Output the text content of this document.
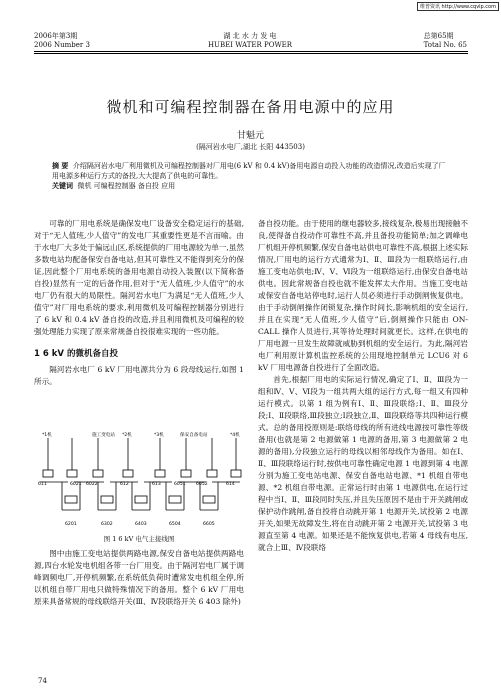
维普资讯 http://www.cqvip.com
2006年第3期
2006 Number 3
湖 北 水 力 发 电
HUBEI WATER POWER
总第65期
Total No. 65
微机和可编程控制器在备用电源中的应用
甘魁元
(隔河岩水电厂,湖北 长阳 443503)
摘 要 介绍隔河岩水电厂利用微机及可编程控制器对厂用电(6 kV 和 0.4 kV)备用电源自动投入功能的改造情况,改造后实现了厂用电源多种运行方式的备投,大大提高了供电的可靠性。
关键词 微机 可编程控制器 备自投 应用

可靠的厂用电系统是确保发电厂设备安全稳定运行的基础,对于“无人值班,少人值守”的发电厂其重要性更是不言而喻。由于水电厂大多处于偏远山区,系统提供的厂用电源较为单一,虽然多数电站均配备保安自备电站,但其可靠性又不能得到充分的保证,因此整个厂用电系统的备用电源自动投入装置(以下简称备自投)显然有一定的后备作用,但对于“无人值班,少人值守”的水电厂仍有很大的局限性。隔河岩水电厂为满足“无人值班,少人值守”对厂用电系统的要求,利用微机及可编程控制器分别进行了 6 kV 和 0.4 kV 备自投的改造,并且利用微机及可编程的较强处理能力实现了原来常规备自投很难实现的一些功能。

1 6 kV 的微机备自投

隔河岩水电厂 6 kV 厂用电源共分为 6 段母线运行,如图 1 所示。

*1机	施工变电站 *2机	*3机	保安自备电站	*4机
611	6021 6022	612	613	6051 6052	614
6201	6302	6403	6504	6605
图 1 6 kV 电气主接线图

图中由施工变电站提供两路电源,保安自备电站提供两路电源,四台水轮发电机组各带一台厂用变。由于隔河岩电厂属于调峰调频电厂,开停机频繁,在系统低负荷时遭常发电机组全停,所以机组自带厂用电只做特殊情况下的备用。整个 6 kV 厂用电原来具备常规的母线联络开关(Ⅲ、Ⅳ段联络开关 6 403 除外)

备自投功能。由于使用的继电器较多,接线复杂,极易出现接触不良,使得备自投动作可靠性不高,并且备投功能简单;加之调峰电厂机组开停机频繁,保安自备电站供电可靠性不高,根据上述实际情况,厂用电的运行方式通常为Ⅰ、Ⅱ、Ⅲ段为一组联络运行,由施工变电站供电;Ⅳ、Ⅴ、Ⅵ段为一组联络运行,由保安自备电站供电。因此常规备自投也就不能发挥太大作用。当施工变电站或保安自备电站停电时,运行人员必须进行手动倒闸恢复供电。由于手动倒闸操作闭锁复杂,操作时间长,影响机组的安全运行,并且在实现“无人值班,少人值守”后,倒闸操作只能由 ON-CALL 操作人员进行,其等待处理时间就更长。这样,在供电的厂用电源一旦发生故障就威胁到机组的安全运行。为此,隔河岩电厂利用原计算机监控系统的公用现地控制单元 LCU6 对 6 kV 厂用电源备自投进行了全面改造。

首先,根据厂用电的实际运行情况,确定了Ⅰ、Ⅱ、Ⅲ段为一组和Ⅳ、Ⅴ、Ⅵ段为一组共两大组的运行方式,每一组又有四种运行模式。以第 1 组为例有Ⅰ、Ⅱ、Ⅲ段联络;Ⅰ、Ⅱ、Ⅲ段分段;Ⅰ、Ⅱ段联络,Ⅲ段独立;Ⅰ段独立,Ⅱ、Ⅲ段联络等共四种运行模式。总的备用投原则是:联络母线的所有进线电源按可靠性等级备用(也就是第 2 电源做第 1 电源的备用,第 3 电源做第 2 电源的备用),分段独立运行的母线以相邻母线作为备用。如在Ⅰ、Ⅱ、Ⅲ段联络运行时,按供电可靠性确定电源 1 电源到第 4 电源分别为施工变电站电源、保安自备电站电源、*1 机组自带电源、*2 机组自带电源。正常运行时由第 1 电源供电,在运行过程中当Ⅰ、Ⅱ、Ⅲ段同时失压,并且失压原因不是由于开关跳闸或保护动作跳闸,备自投将自动跳开第 1 电源开关,试投第 2 电源开关,如果无故障发生,将在自动跳开第 2 电源开关,试投第 3 电源直至第 4 电源。如果还是不能恢复供电,若第 4 母线有电压,就合上Ⅲ、Ⅳ段联络

74
